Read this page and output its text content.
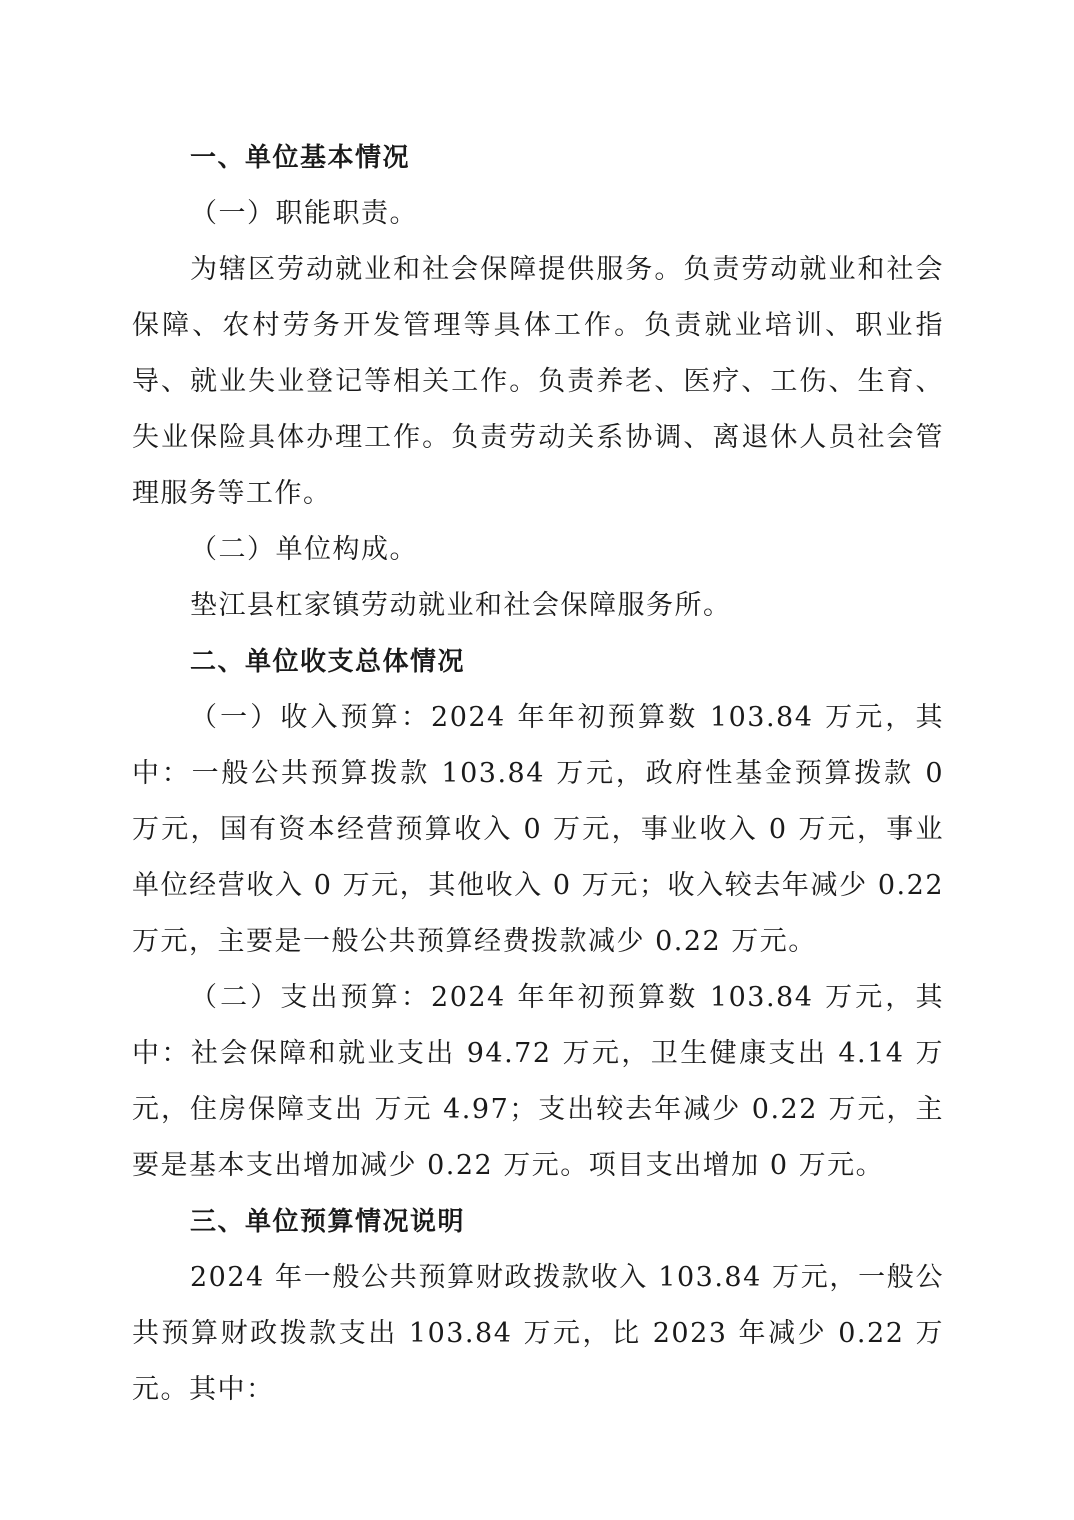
一、单位基本情况

（一）职能职责。

为辖区劳动就业和社会保障提供服务。负责劳动就业和社会保障、农村劳务开发管理等具体工作。负责就业培训、职业指导、就业失业登记等相关工作。负责养老、医疗、工伤、生育、失业保险具体办理工作。负责劳动关系协调、离退休人员社会管理服务等工作。

（二）单位构成。

垫江县杠家镇劳动就业和社会保障服务所。

二、单位收支总体情况

（一）收入预算：2024 年年初预算数 103.84 万元，其中：一般公共预算拨款 103.84 万元，政府性基金预算拨款 0　万元，国有资本经营预算收入 0 万元，事业收入 0 万元，事业单位经营收入 0 万元，其他收入 0 万元；收入较去年减少 0.22 万元，主要是一般公共预算经费拨款减少 0.22 万元。

（二）支出预算：2024 年年初预算数 103.84 万元，其中：社会保障和就业支出 94.72 万元，卫生健康支出 4.14 万元，住房保障支出 万元 4.97；支出较去年减少 0.22 万元，主要是基本支出增加减少 0.22 万元。项目支出增加 0 万元。

三、单位预算情况说明

2024 年一般公共预算财政拨款收入 103.84 万元，一般公共预算财政拨款支出 103.84 万元，比 2023 年减少 0.22 万元。其中：
